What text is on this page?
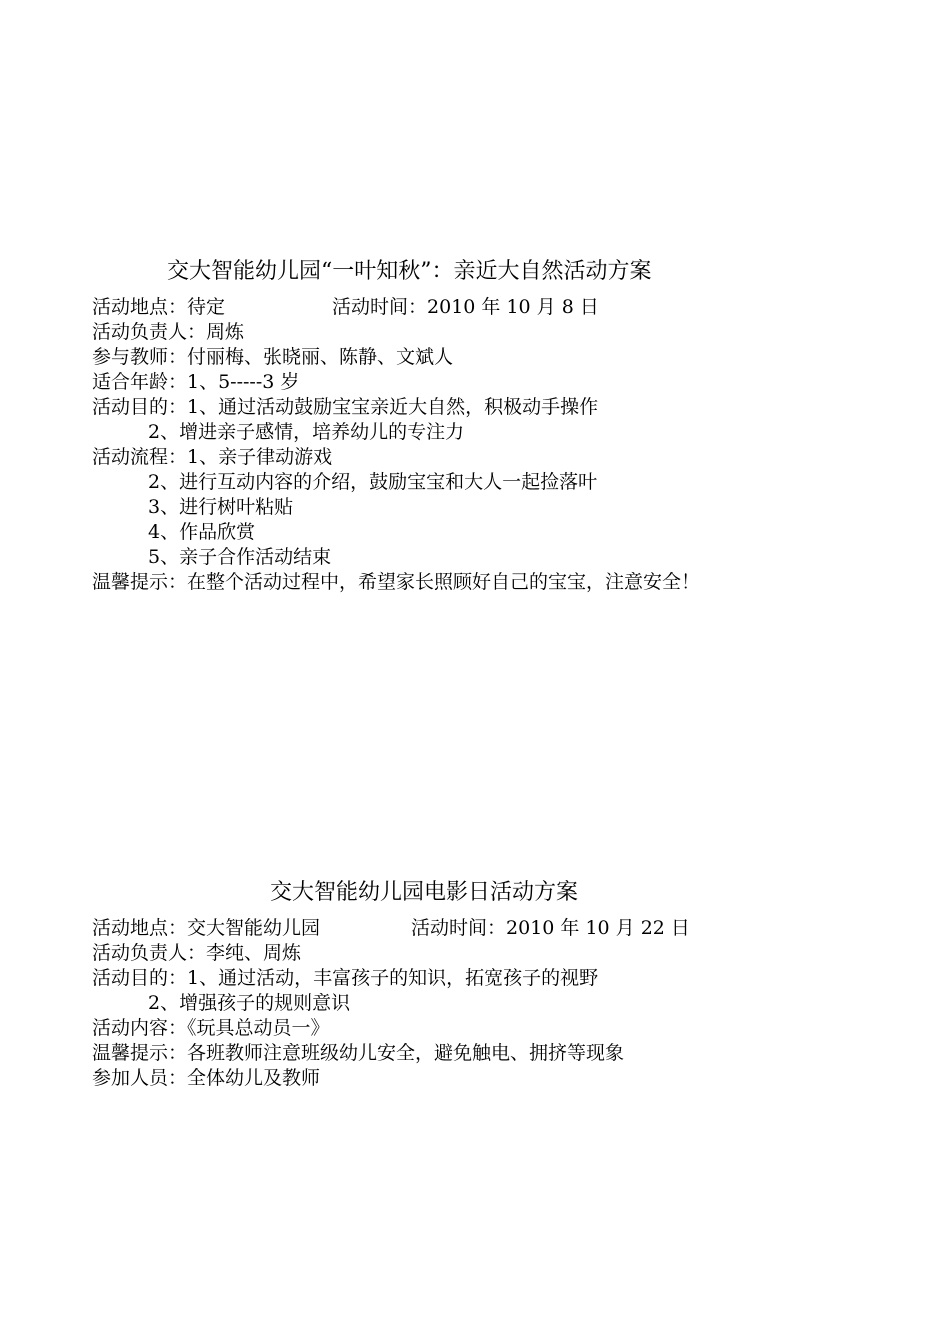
交大智能幼儿园“一叶知秋”：亲近大自然活动方案
活动地点：待定	活动时间：2010 年 10 月 8 日
活动负责人：周炼
参与教师：付丽梅、张晓丽、陈静、文斌人
适合年龄：1、5-----3 岁
活动目的：1、通过活动鼓励宝宝亲近大自然，积极动手操作
2、增进亲子感情，培养幼儿的专注力
活动流程：1、亲子律动游戏
2、进行互动内容的介绍，鼓励宝宝和大人一起捡落叶
3、进行树叶粘贴
4、作品欣赏
5、亲子合作活动结束
温馨提示：在整个活动过程中，希望家长照顾好自己的宝宝，注意安全！
交大智能幼儿园电影日活动方案
活动地点：交大智能幼儿园	活动时间：2010 年 10 月 22 日
活动负责人：李纯、周炼
活动目的：1、通过活动，丰富孩子的知识，拓宽孩子的视野
2、增强孩子的规则意识
活动内容：《玩具总动员一》
温馨提示：各班教师注意班级幼儿安全，避免触电、拥挤等现象
参加人员：全体幼儿及教师
